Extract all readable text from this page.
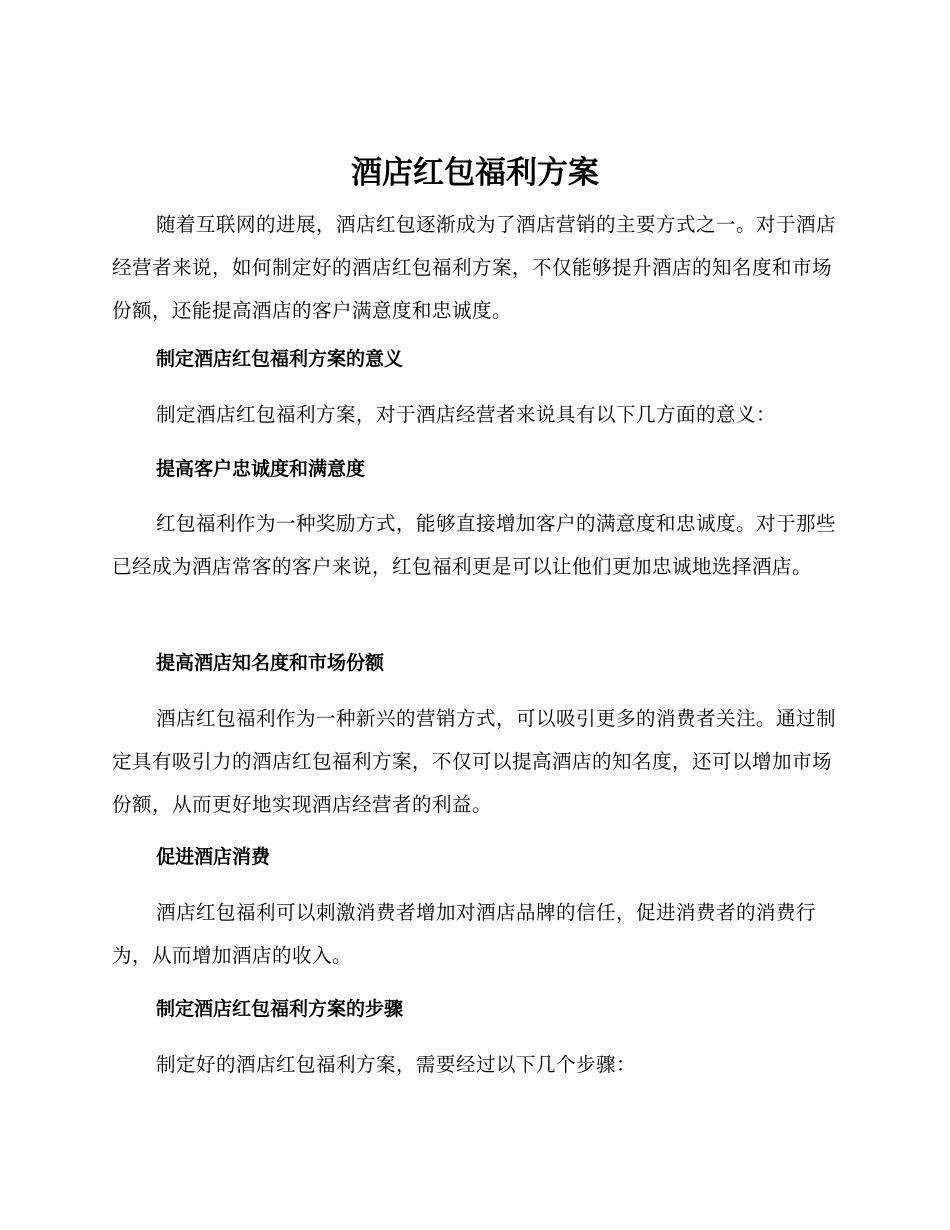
酒店红包福利方案

随着互联网的进展，酒店红包逐渐成为了酒店营销的主要方式之一。对于酒店经营者来说，如何制定好的酒店红包福利方案，不仅能够提升酒店的知名度和市场份额，还能提高酒店的客户满意度和忠诚度。

制定酒店红包福利方案的意义

制定酒店红包福利方案，对于酒店经营者来说具有以下几方面的意义：

提高客户忠诚度和满意度

红包福利作为一种奖励方式，能够直接增加客户的满意度和忠诚度。对于那些已经成为酒店常客的客户来说，红包福利更是可以让他们更加忠诚地选择酒店。

提高酒店知名度和市场份额

酒店红包福利作为一种新兴的营销方式，可以吸引更多的消费者关注。通过制定具有吸引力的酒店红包福利方案，不仅可以提高酒店的知名度，还可以增加市场份额，从而更好地实现酒店经营者的利益。

促进酒店消费

酒店红包福利可以刺激消费者增加对酒店品牌的信任，促进消费者的消费行为，从而增加酒店的收入。

制定酒店红包福利方案的步骤

制定好的酒店红包福利方案，需要经过以下几个步骤：
